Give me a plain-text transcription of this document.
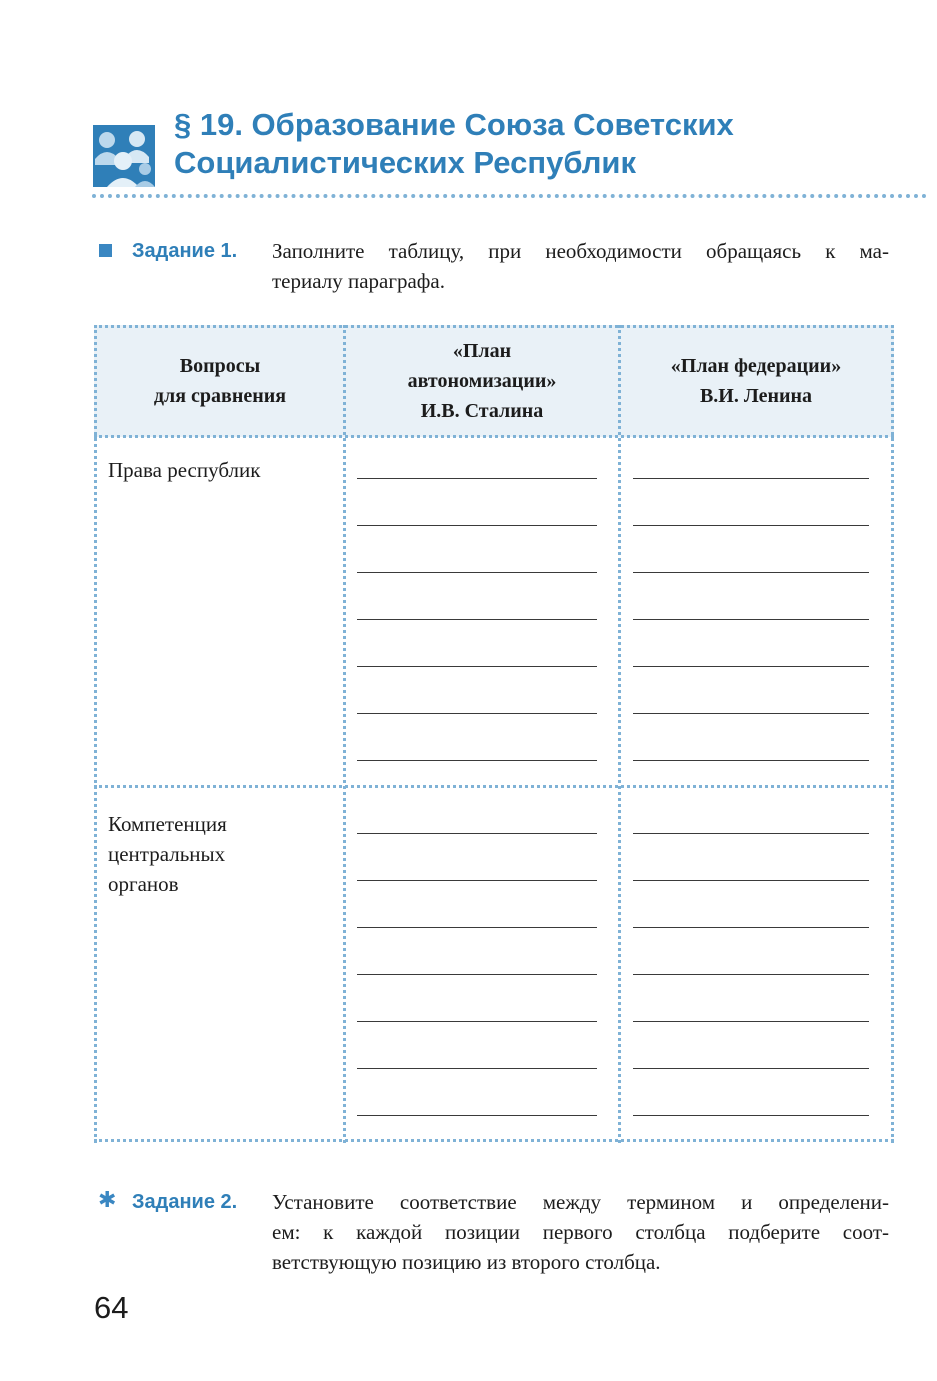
§ 19. Образование Союза Советских
Социалистических Республик
Задание 1. Заполните таблицу, при необходимости обращаясь к ма-
териалу параграфа.
Вопросы
для сравнения
«План
автономизации»
И.В. Сталина
«План федерации»
В.И. Ленина
Права республик
Компетенция
центральных
органов
✱ Задание 2. Установите соответствие между термином и определени-
ем: к каждой позиции первого столбца подберите соот-
ветствующую позицию из второго столбца.
64
